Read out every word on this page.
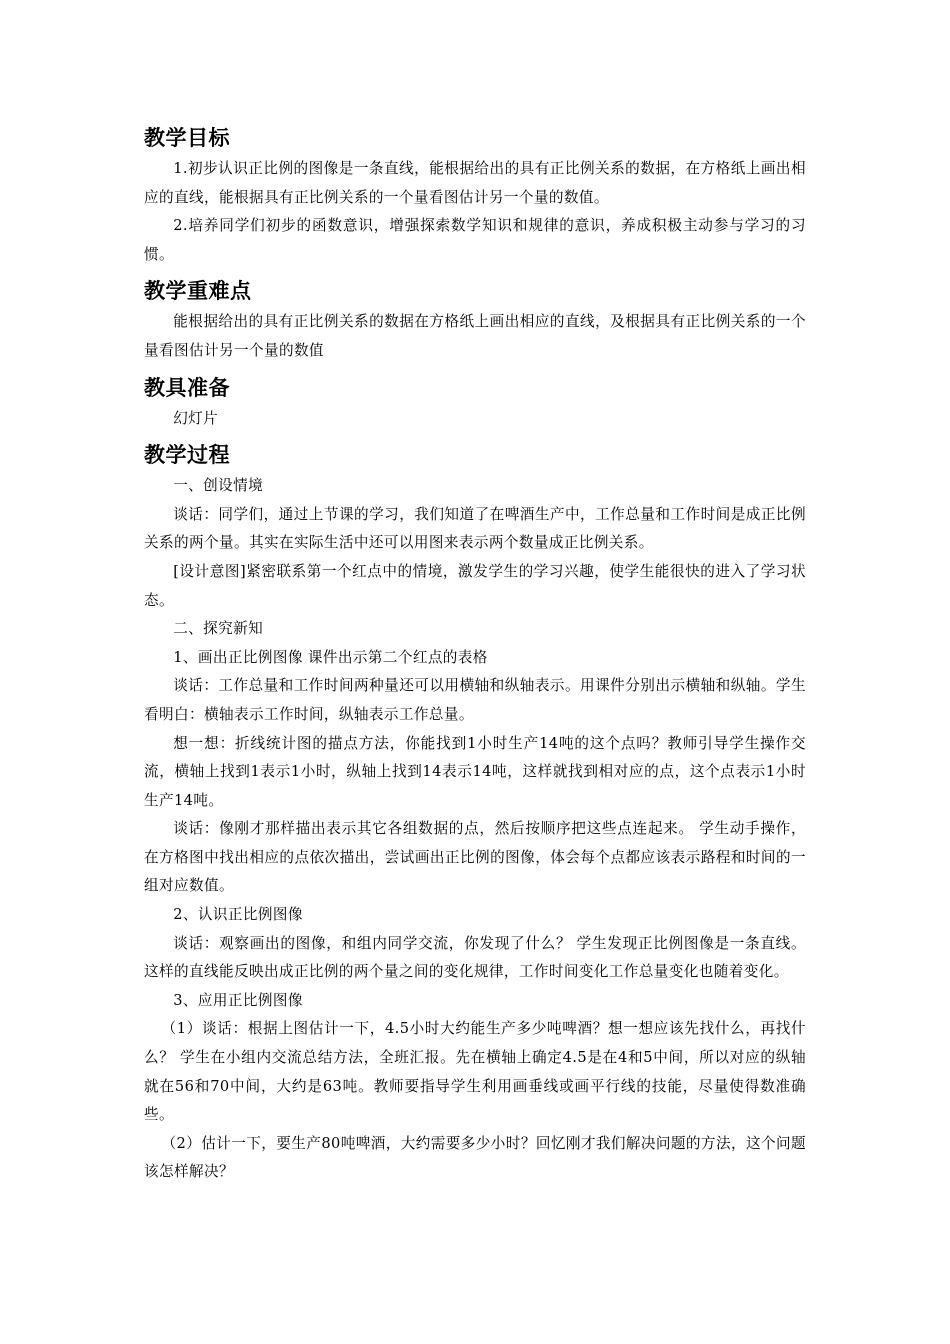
教学目标

1.初步认识正比例的图像是一条直线，能根据给出的具有正比例关系的数据，在方格纸上画出相应的直线，能根据具有正比例关系的一个量看图估计另一个量的数值。

2.培养同学们初步的函数意识，增强探索数学知识和规律的意识，养成积极主动参与学习的习惯。

教学重难点

能根据给出的具有正比例关系的数据在方格纸上画出相应的直线，及根据具有正比例关系的一个量看图估计另一个量的数值

教具准备

幻灯片

教学过程

一、创设情境

谈话：同学们，通过上节课的学习，我们知道了在啤酒生产中，工作总量和工作时间是成正比例关系的两个量。其实在实际生活中还可以用图来表示两个数量成正比例关系。

[设计意图]紧密联系第一个红点中的情境，激发学生的学习兴趣，使学生能很快的进入了学习状态。

二、探究新知

1、画出正比例图像 课件出示第二个红点的表格

谈话：工作总量和工作时间两种量还可以用横轴和纵轴表示。用课件分别出示横轴和纵轴。学生看明白：横轴表示工作时间，纵轴表示工作总量。

想一想：折线统计图的描点方法，你能找到1小时生产14吨的这个点吗？教师引导学生操作交流，横轴上找到1表示1小时，纵轴上找到14表示14吨，这样就找到相对应的点，这个点表示1小时生产14吨。

谈话：像刚才那样描出表示其它各组数据的点，然后按顺序把这些点连起来。 学生动手操作，在方格图中找出相应的点依次描出，尝试画出正比例的图像，体会每个点都应该表示路程和时间的一组对应数值。

2、认识正比例图像

谈话：观察画出的图像，和组内同学交流，你发现了什么？ 学生发现正比例图像是一条直线。这样的直线能反映出成正比例的两个量之间的变化规律，工作时间变化工作总量变化也随着变化。

3、应用正比例图像

（1）谈话：根据上图估计一下，4.5小时大约能生产多少吨啤酒？想一想应该先找什么，再找什么？ 学生在小组内交流总结方法，全班汇报。先在横轴上确定4.5是在4和5中间，所以对应的纵轴就在56和70中间，大约是63吨。教师要指导学生利用画垂线或画平行线的技能，尽量使得数准确些。

（2）估计一下，要生产80吨啤酒，大约需要多少小时？回忆刚才我们解决问题的方法，这个问题该怎样解决？
